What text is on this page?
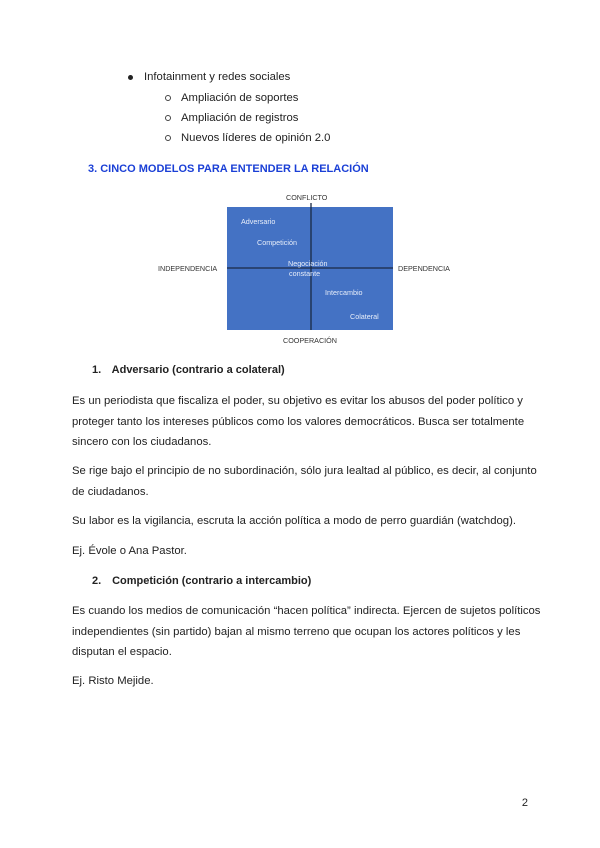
Infotainment y redes sociales
Ampliación de soportes
Ampliación de registros
Nuevos líderes de opinión 2.0
3. CINCO MODELOS PARA ENTENDER LA RELACIÓN
CONFLICTO
COOPERACIÓN
INDEPENDENCIA	DEPENDENCIA
Adversario
Competición
Negociación
constante
Intercambio
Colateral
1. Adversario (contrario a colateral)
Es un periodista que fiscaliza el poder, su objetivo es evitar los abusos del poder político y proteger tanto los intereses públicos como los valores democráticos. Busca ser totalmente sincero con los ciudadanos.
Se rige bajo el principio de no subordinación, sólo jura lealtad al público, es decir, al conjunto de ciudadanos.
Su labor es la vigilancia, escruta la acción política a modo de perro guardián (watchdog).
Ej. Évole o Ana Pastor.
2. Competición (contrario a intercambio)
Es cuando los medios de comunicación “hacen política” indirecta. Ejercen de sujetos políticos independientes (sin partido) bajan al mismo terreno que ocupan los actores políticos y les disputan el espacio.
Ej. Risto Mejide.
2
